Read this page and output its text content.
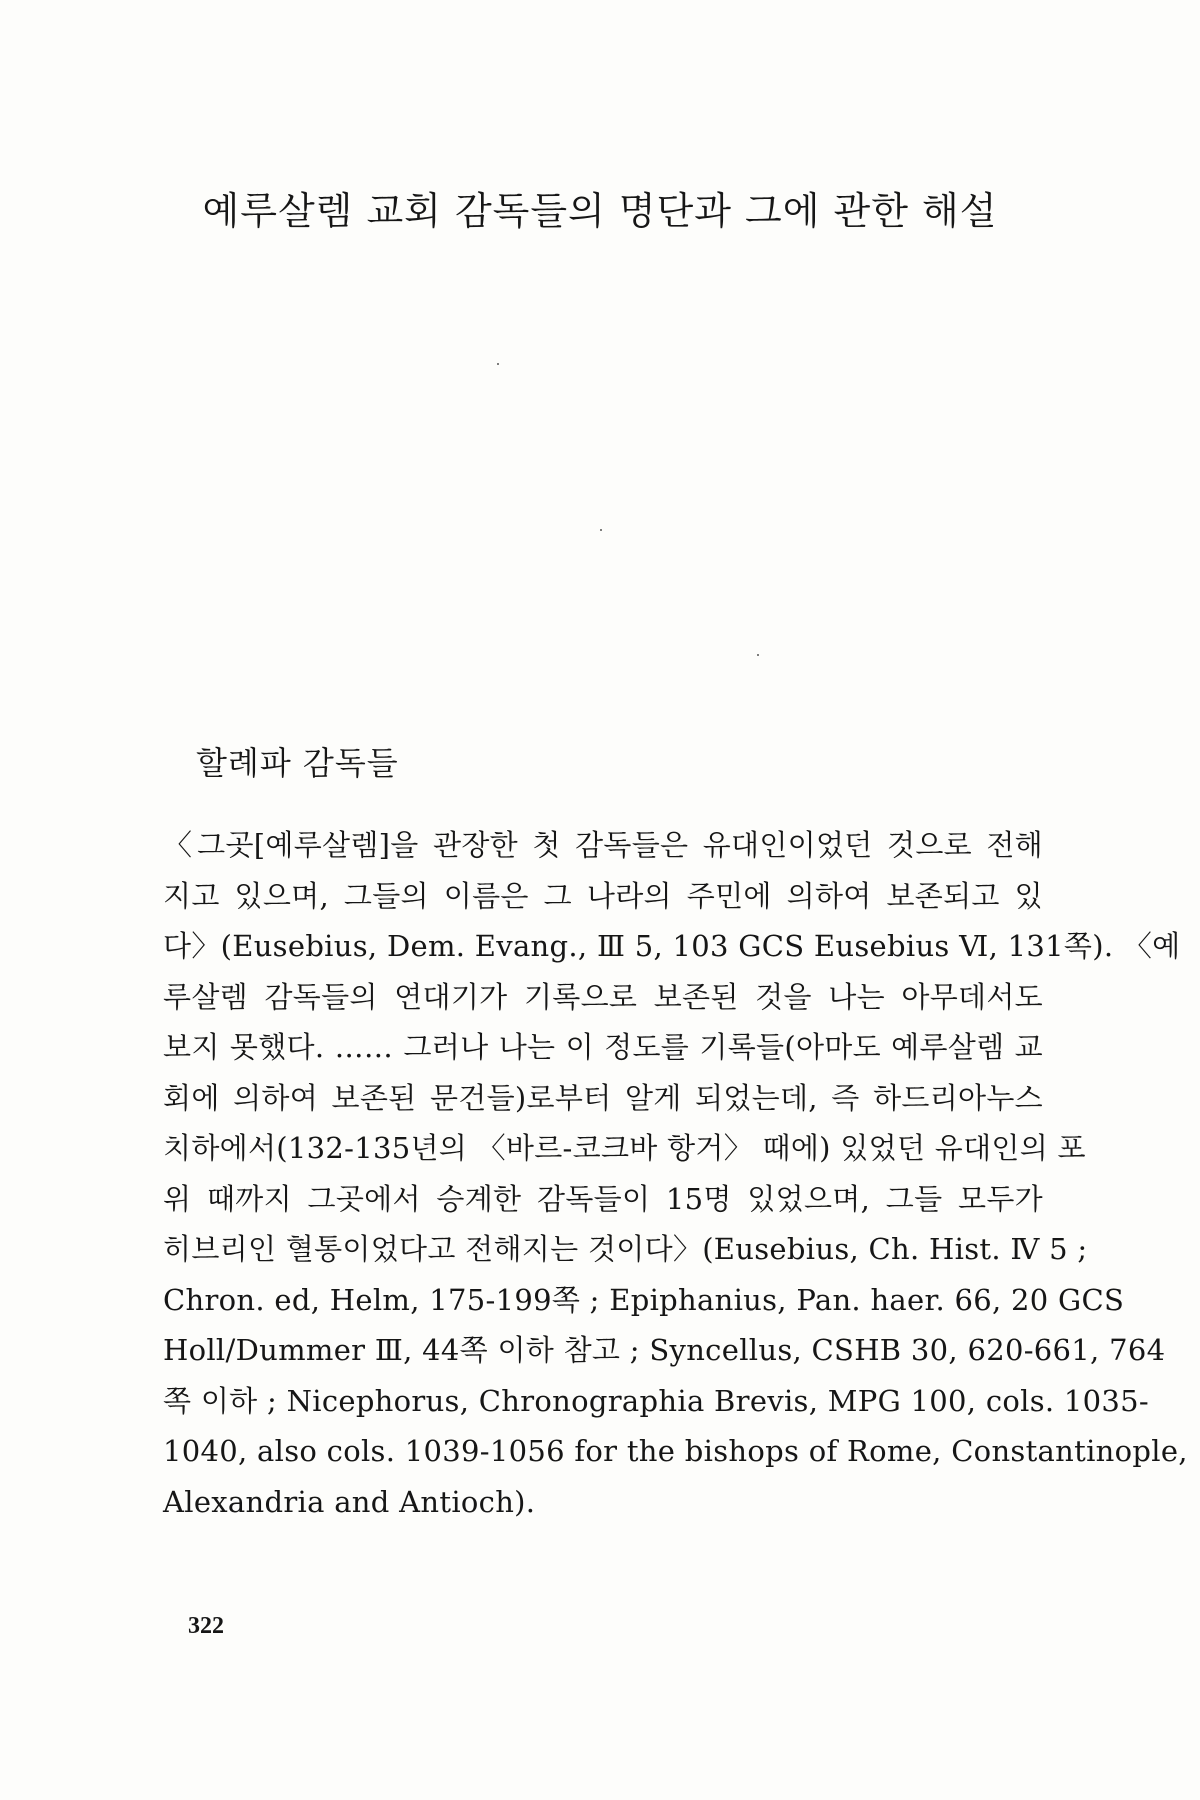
예루살렘 교회 감독들의 명단과 그에 관한 해설
할례파 감독들
〈그곳[예루살렘]을 관장한 첫 감독들은 유대인이었던 것으로 전해
지고 있으며, 그들의 이름은 그 나라의 주민에 의하여 보존되고 있
다〉(Eusebius, Dem. Evang., Ⅲ 5, 103 GCS Eusebius Ⅵ, 131쪽). 〈예
루살렘 감독들의 연대기가 기록으로 보존된 것을 나는 아무데서도
보지 못했다. …… 그러나 나는 이 정도를 기록들(아마도 예루살렘 교
회에 의하여 보존된 문건들)로부터 알게 되었는데, 즉 하드리아누스
치하에서(132-135년의 〈바르-코크바 항거〉 때에) 있었던 유대인의 포
위 때까지 그곳에서 승계한 감독들이 15명 있었으며, 그들 모두가
히브리인 혈통이었다고 전해지는 것이다〉(Eusebius, Ch. Hist. Ⅳ 5 ;
Chron. ed, Helm, 175-199쪽 ; Epiphanius, Pan. haer. 66, 20 GCS
Holl/Dummer Ⅲ, 44쪽 이하 참고 ; Syncellus, CSHB 30, 620-661, 764
쪽 이하 ; Nicephorus, Chronographia Brevis, MPG 100, cols. 1035-
1040, also cols. 1039-1056 for the bishops of Rome, Constantinople,
Alexandria and Antioch).
322
